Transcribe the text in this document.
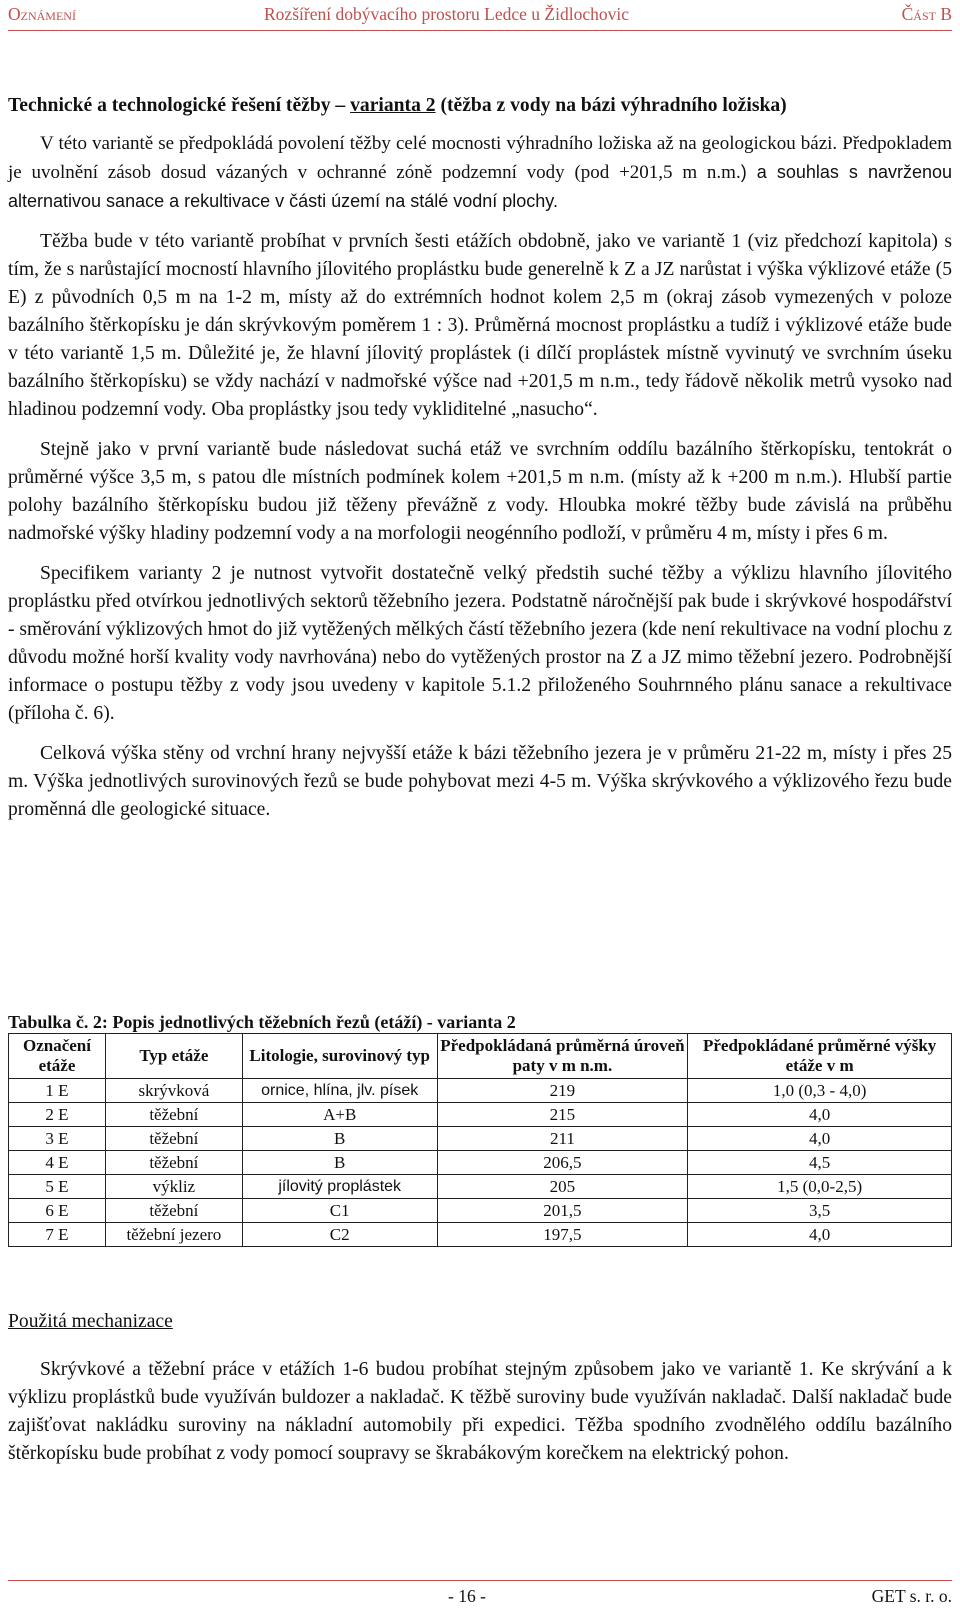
Oznámení	Rozšíření dobývacího prostoru Ledce u Židlochovic	Část B

Technické a technologické řešení těžby – varianta 2 (těžba z vody na bázi výhradního ložiska)

V této variantě se předpokládá povolení těžby celé mocnosti výhradního ložiska až na geologickou bázi. Předpokladem je uvolnění zásob dosud vázaných v ochranné zóně podzemní vody (pod +201,5 m n.m.) a souhlas s navrženou alternativou sanace a rekultivace v části území na stálé vodní plochy.

Těžba bude v této variantě probíhat v prvních šesti etážích obdobně, jako ve variantě 1 (viz předchozí kapitola) s tím, že s narůstající mocností hlavního jílovitého proplástku bude generelně k Z a JZ narůstat i výška výklizové etáže (5 E) z původních 0,5 m na 1-2 m, místy až do extrémních hodnot kolem 2,5 m (okraj zásob vymezených v poloze bazálního štěrkopísku je dán skrývkovým poměrem 1 : 3). Průměrná mocnost proplástku a tudíž i výklizové etáže bude v této variantě 1,5 m. Důležité je, že hlavní jílovitý proplástek (i dílčí proplástek místně vyvinutý ve svrchním úseku bazálního štěrkopísku) se vždy nachází v nadmořské výšce nad +201,5 m n.m., tedy řádově několik metrů vysoko nad hladinou podzemní vody. Oba proplástky jsou tedy vykliditelné „nasucho“.

Stejně jako v první variantě bude následovat suchá etáž ve svrchním oddílu bazálního štěrkopísku, tentokrát o průměrné výšce 3,5 m, s patou dle místních podmínek kolem +201,5 m n.m. (místy až k +200 m n.m.). Hlubší partie polohy bazálního štěrkopísku budou již těženy převážně z vody. Hloubka mokré těžby bude závislá na průběhu nadmořské výšky hladiny podzemní vody a na morfologii neogénního podloží, v průměru 4 m, místy i přes 6 m.

Specifikem varianty 2 je nutnost vytvořit dostatečně velký předstih suché těžby a výklizu hlavního jílovitého proplástku před otvírkou jednotlivých sektorů těžebního jezera. Podstatně náročnější pak bude i skrývkové hospodářství - směrování výklizových hmot do již vytěžených mělkých částí těžebního jezera (kde není rekultivace na vodní plochu z důvodu možné horší kvality vody navrhována) nebo do vytěžených prostor na Z a JZ mimo těžební jezero. Podrobnější informace o postupu těžby z vody jsou uvedeny v kapitole 5.1.2 přiloženého Souhrnného plánu sanace a rekultivace (příloha č. 6).

Celková výška stěny od vrchní hrany nejvyšší etáže k bázi těžebního jezera je v průměru 21-22 m, místy i přes 25 m. Výška jednotlivých surovinových řezů se bude pohybovat mezi 4-5 m. Výška skrývkového a výklizového řezu bude proměnná dle geologické situace.

Tabulka č. 2: Popis jednotlivých těžebních řezů (etáží) - varianta 2
Označení etáže	Typ etáže	Litologie, surovinový typ	Předpokládaná průměrná úroveň paty v m n.m.	Předpokládané průměrné výšky etáže v m
1 E	skrývková	ornice, hlína, jlv. písek	219	1,0 (0,3 - 4,0)
2 E	těžební	A+B	215	4,0
3 E	těžební	B	211	4,0
4 E	těžební	B	206,5	4,5
5 E	výkliz	jílovitý proplástek	205	1,5 (0,0-2,5)
6 E	těžební	C1	201,5	3,5
7 E	těžební jezero	C2	197,5	4,0

Použitá mechanizace

Skrývkové a těžební práce v etážích 1-6 budou probíhat stejným způsobem jako ve variantě 1. Ke skrývání a k výklizu proplástků bude využíván buldozer a nakladač. K těžbě suroviny bude využíván nakladač. Další nakladač bude zajišťovat nakládku suroviny na nákladní automobily při expedici. Těžba spodního zvodnělého oddílu bazálního štěrkopísku bude probíhat z vody pomocí soupravy se škrabákovým korečkem na elektrický pohon.

- 16 -	GET s. r. o.
